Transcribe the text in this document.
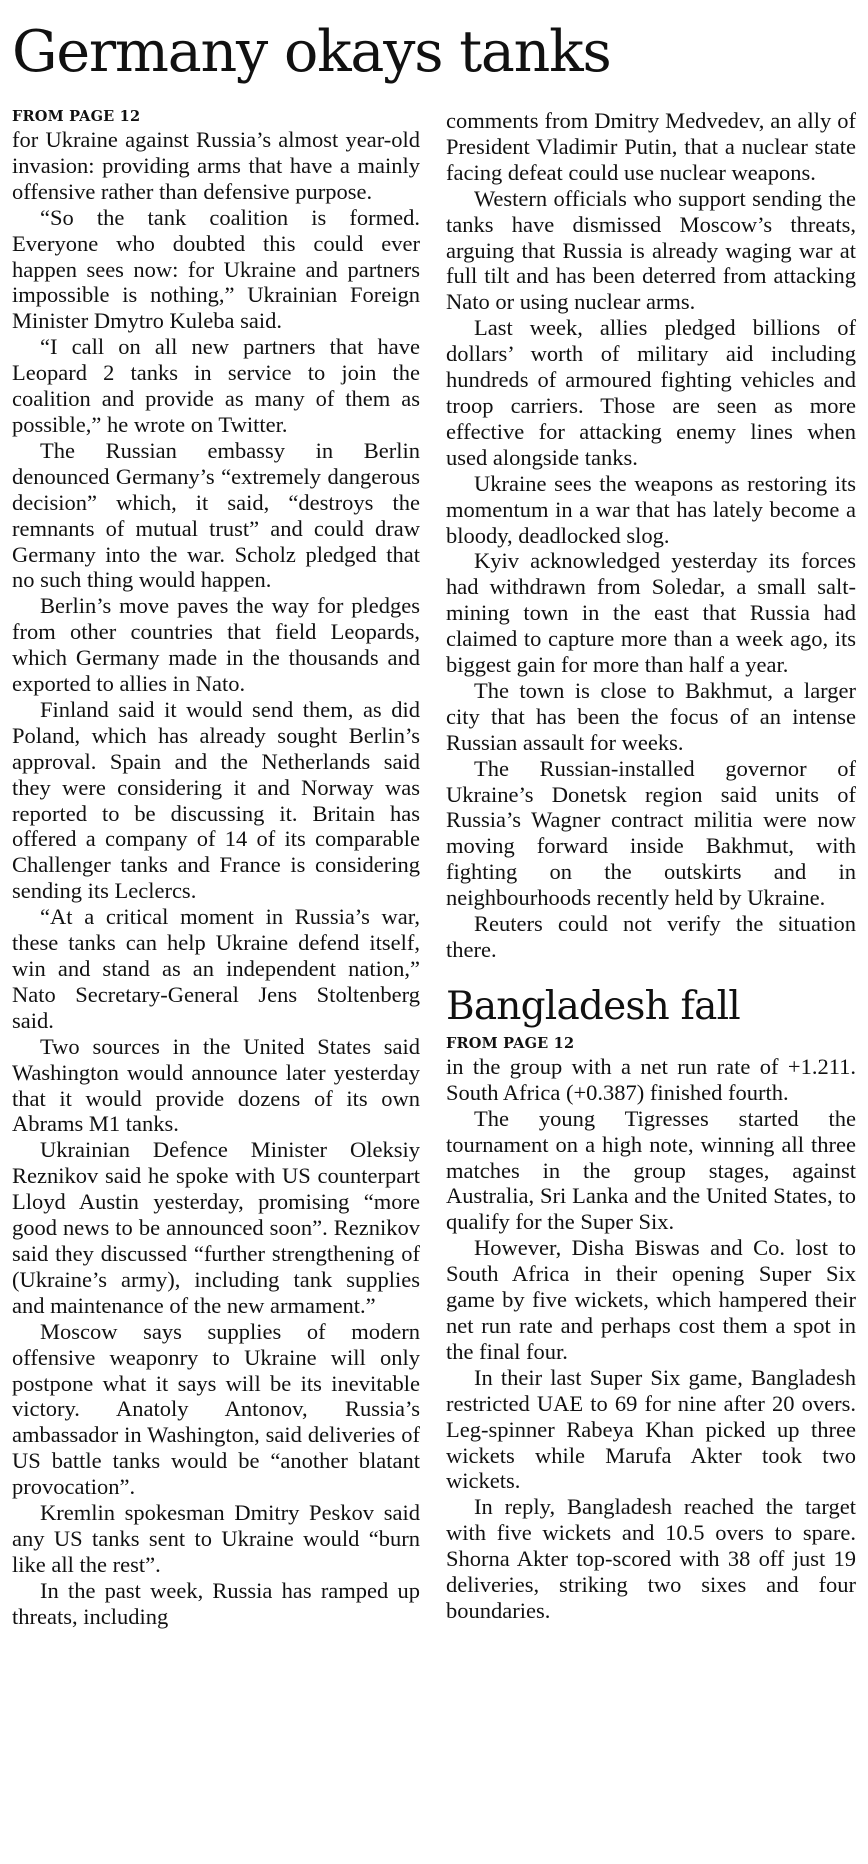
Germany okays tanks
FROM PAGE 12

for Ukraine against Russia’s almost year-old invasion: providing arms that have a mainly offensive rather than defensive purpose.

“So the tank coalition is formed. Everyone who doubted this could ever happen sees now: for Ukraine and partners impossible is nothing,” Ukrainian Foreign Minister Dmytro Kuleba said.

“I call on all new partners that have Leopard 2 tanks in service to join the coalition and provide as many of them as possible,” he wrote on Twitter.

The Russian embassy in Berlin denounced Germany’s “extremely dangerous decision” which, it said, “destroys the remnants of mutual trust” and could draw Germany into the war. Scholz pledged that no such thing would happen.

Berlin’s move paves the way for pledges from other countries that field Leopards, which Germany made in the thousands and exported to allies in Nato.

Finland said it would send them, as did Poland, which has already sought Berlin’s approval. Spain and the Netherlands said they were considering it and Norway was reported to be discussing it. Britain has offered a company of 14 of its comparable Challenger tanks and France is considering sending its Leclercs.

“At a critical moment in Russia’s war, these tanks can help Ukraine defend itself, win and stand as an independent nation,” Nato Secretary-General Jens Stoltenberg said.

Two sources in the United States said Washington would announce later yesterday that it would provide dozens of its own Abrams M1 tanks.

Ukrainian Defence Minister Oleksiy Reznikov said he spoke with US counterpart Lloyd Austin yesterday, promising “more good news to be announced soon”. Reznikov said they discussed “further strengthening of (Ukraine’s army), including tank supplies and maintenance of the new armament.”

Moscow says supplies of modern offensive weaponry to Ukraine will only postpone what it says will be its inevitable victory. Anatoly Antonov, Russia’s ambassador in Washington, said deliveries of US battle tanks would be “another blatant provocation”.

Kremlin spokesman Dmitry Peskov said any US tanks sent to Ukraine would “burn like all the rest”.

In the past week, Russia has ramped up threats, including

comments from Dmitry Medvedev, an ally of President Vladimir Putin, that a nuclear state facing defeat could use nuclear weapons.

Western officials who support sending the tanks have dismissed Moscow’s threats, arguing that Russia is already waging war at full tilt and has been deterred from attacking Nato or using nuclear arms.

Last week, allies pledged billions of dollars’ worth of military aid including hundreds of armoured fighting vehicles and troop carriers. Those are seen as more effective for attacking enemy lines when used alongside tanks.

Ukraine sees the weapons as restoring its momentum in a war that has lately become a bloody, deadlocked slog.

Kyiv acknowledged yesterday its forces had withdrawn from Soledar, a small salt-mining town in the east that Russia had claimed to capture more than a week ago, its biggest gain for more than half a year.

The town is close to Bakhmut, a larger city that has been the focus of an intense Russian assault for weeks.

The Russian-installed governor of Ukraine’s Donetsk region said units of Russia’s Wagner contract militia were now moving forward inside Bakhmut, with fighting on the outskirts and in neighbourhoods recently held by Ukraine.

Reuters could not verify the situation there.

Bangladesh fall
FROM PAGE 12

in the group with a net run rate of +1.211. South Africa (+0.387) finished fourth.

The young Tigresses started the tournament on a high note, winning all three matches in the group stages, against Australia, Sri Lanka and the United States, to qualify for the Super Six.

However, Disha Biswas and Co. lost to South Africa in their opening Super Six game by five wickets, which hampered their net run rate and perhaps cost them a spot in the final four.

In their last Super Six game, Bangladesh restricted UAE to 69 for nine after 20 overs. Leg-spinner Rabeya Khan picked up three wickets while Marufa Akter took two wickets.

In reply, Bangladesh reached the target with five wickets and 10.5 overs to spare. Shorna Akter top-scored with 38 off just 19 deliveries, striking two sixes and four boundaries.
